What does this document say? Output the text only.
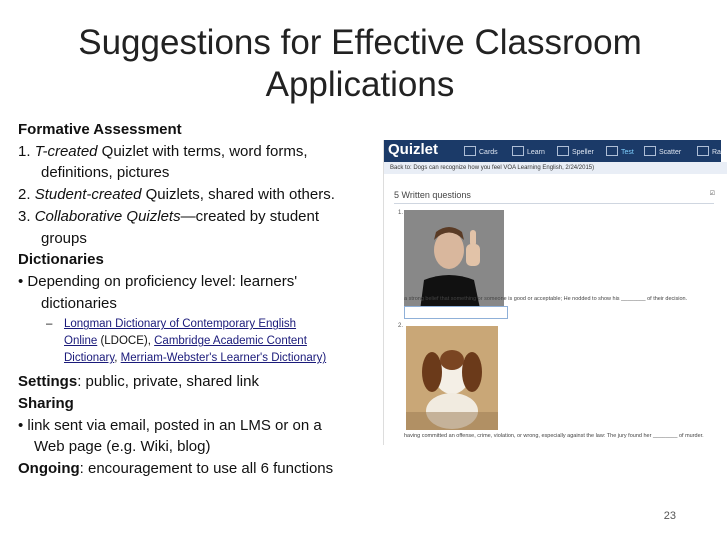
Suggestions for Effective Classroom
Applications
Formative Assessment
1. T-created Quizlet with terms, word forms,
definitions, pictures
2. Student-created Quizlets, shared with others.
3. Collaborative Quizlets—created by student
groups
Dictionaries
• Depending on proficiency level: learners'
dictionaries
– Longman Dictionary of Contemporary English
Online (LDOCE), Cambridge Academic Content
Dictionary, Merriam-Webster's Learner's Dictionary)
Settings: public, private, shared link
Sharing
• link sent via email, posted in an LMS or on a
Web page (e.g. Wiki, blog)
Ongoing: encouragement to use all 6 functions
Quizlet	Cards	Learn	Speller	Test	Scatter	Ra
Back to: Dogs can recognize how you feel VOA Learning English, 2/24/2015)
5 Written questions	☑
1.
a strong belief that something or someone is good or acceptable; He nodded to show his ________ of their decision.
2.
having committed an offense, crime, violation, or wrong, especially against the law: The jury found her ________ of murder.
23
